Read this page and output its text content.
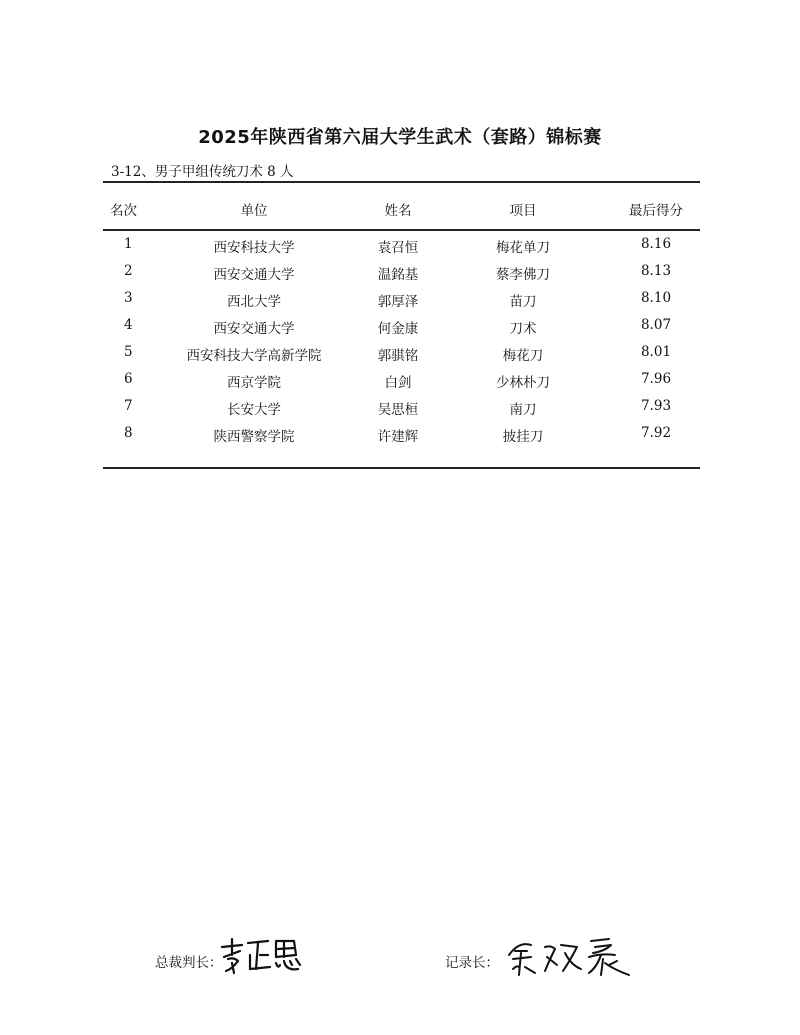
2025年陕西省第六届大学生武术（套路）锦标赛
3-12、男子甲组传统刀术 8 人
名次	单位	姓名	项目	最后得分
1	西安科技大学	袁召恒	梅花单刀	8.16
2	西安交通大学	温銘基	蔡李佛刀	8.13
3	西北大学	郭厚泽	苗刀	8.10
4	西安交通大学	何金康	刀术	8.07
5	西安科技大学高新学院	郭骐铭	梅花刀	8.01
6	西京学院	白剑	少林朴刀	7.96
7	长安大学	吴思桓	南刀	7.93
8	陕西警察学院	许建辉	披挂刀	7.92
总裁判长：	记录长：
